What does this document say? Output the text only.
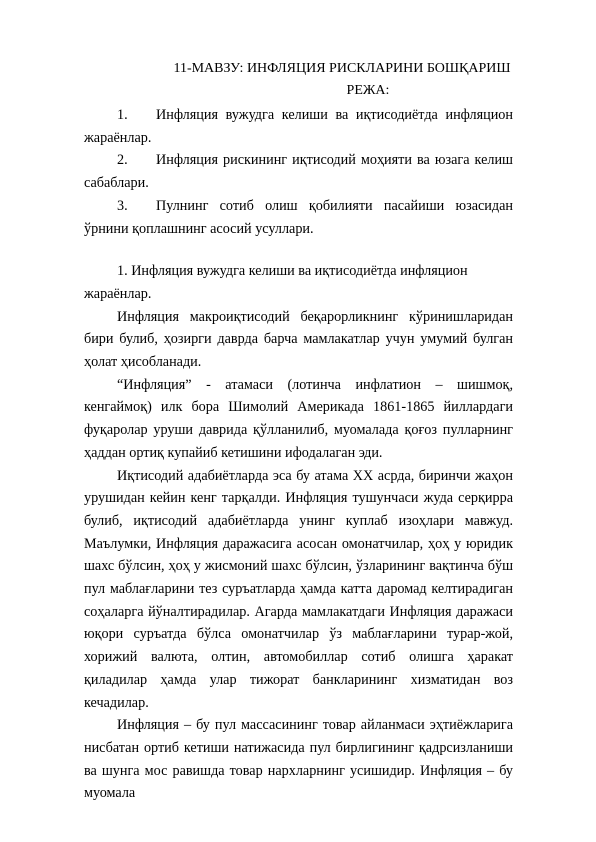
11-МАВЗУ: ИНФЛЯЦИЯ РИСКЛАРИНИ БОШҚАРИШ
РЕЖА:

1. Инфляция вужудга келиши ва иқтисодиётда инфляцион жараёнлар.

2. Инфляция рискининг иқтисодий моҳияти ва юзага келиш сабаблари.

3. Пулнинг сотиб олиш қобилияти пасайиши юзасидан ўрнини қоплашнинг асосий усуллари.

1. Инфляция вужудга келиши ва иқтисодиётда инфляцион жараёнлар.

Инфляция макроиқтисодий беқарорликнинг кўринишларидан бири булиб, ҳозирги даврда барча мамлакатлар учун умумий булган ҳолат ҳисобланади.

“Инфляция” - атамаси (лотинча инфлатион – шишмоқ, кенгаймоқ) илк бора Шимолий Америкада 1861-1865 йиллардаги фуқаролар уруши даврида қўлланилиб, муомалада қоғоз пулларнинг ҳаддан ортиқ купайиб кетишини ифодалаган эди.

Иқтисодий адабиётларда эса бу атама ХХ асрда, биринчи жаҳон урушидан кейин кенг тарқалди. Инфляция тушунчаси жуда серқирра булиб, иқтисодий адабиётларда унинг куплаб изоҳлари мавжуд. Маълумки, Инфляция даражасига асосан омонатчилар, ҳоҳ у юридик шахс бўлсин, ҳоҳ у жисмоний шахс бўлсин, ўзларининг вақтинча бўш пул маблағларини тез суръатларда ҳамда катта даромад келтирадиган соҳаларга йўналтирадилар. Агарда мамлакатдаги Инфляция даражаси юқори суръатда бўлса омонатчилар ўз маблағларини турар-жой, хорижий валюта, олтин, автомобиллар сотиб олишга ҳаракат қиладилар ҳамда улар тижорат банкларининг хизматидан воз кечадилар.

Инфляция – бу пул массасининг товар айланмаси эҳтиёжларига нисбатан ортиб кетиши натижасида пул бирлигининг қадрсизланиши ва шунга мос равишда товар нархларнинг усишидир. Инфляция – бу муомала
